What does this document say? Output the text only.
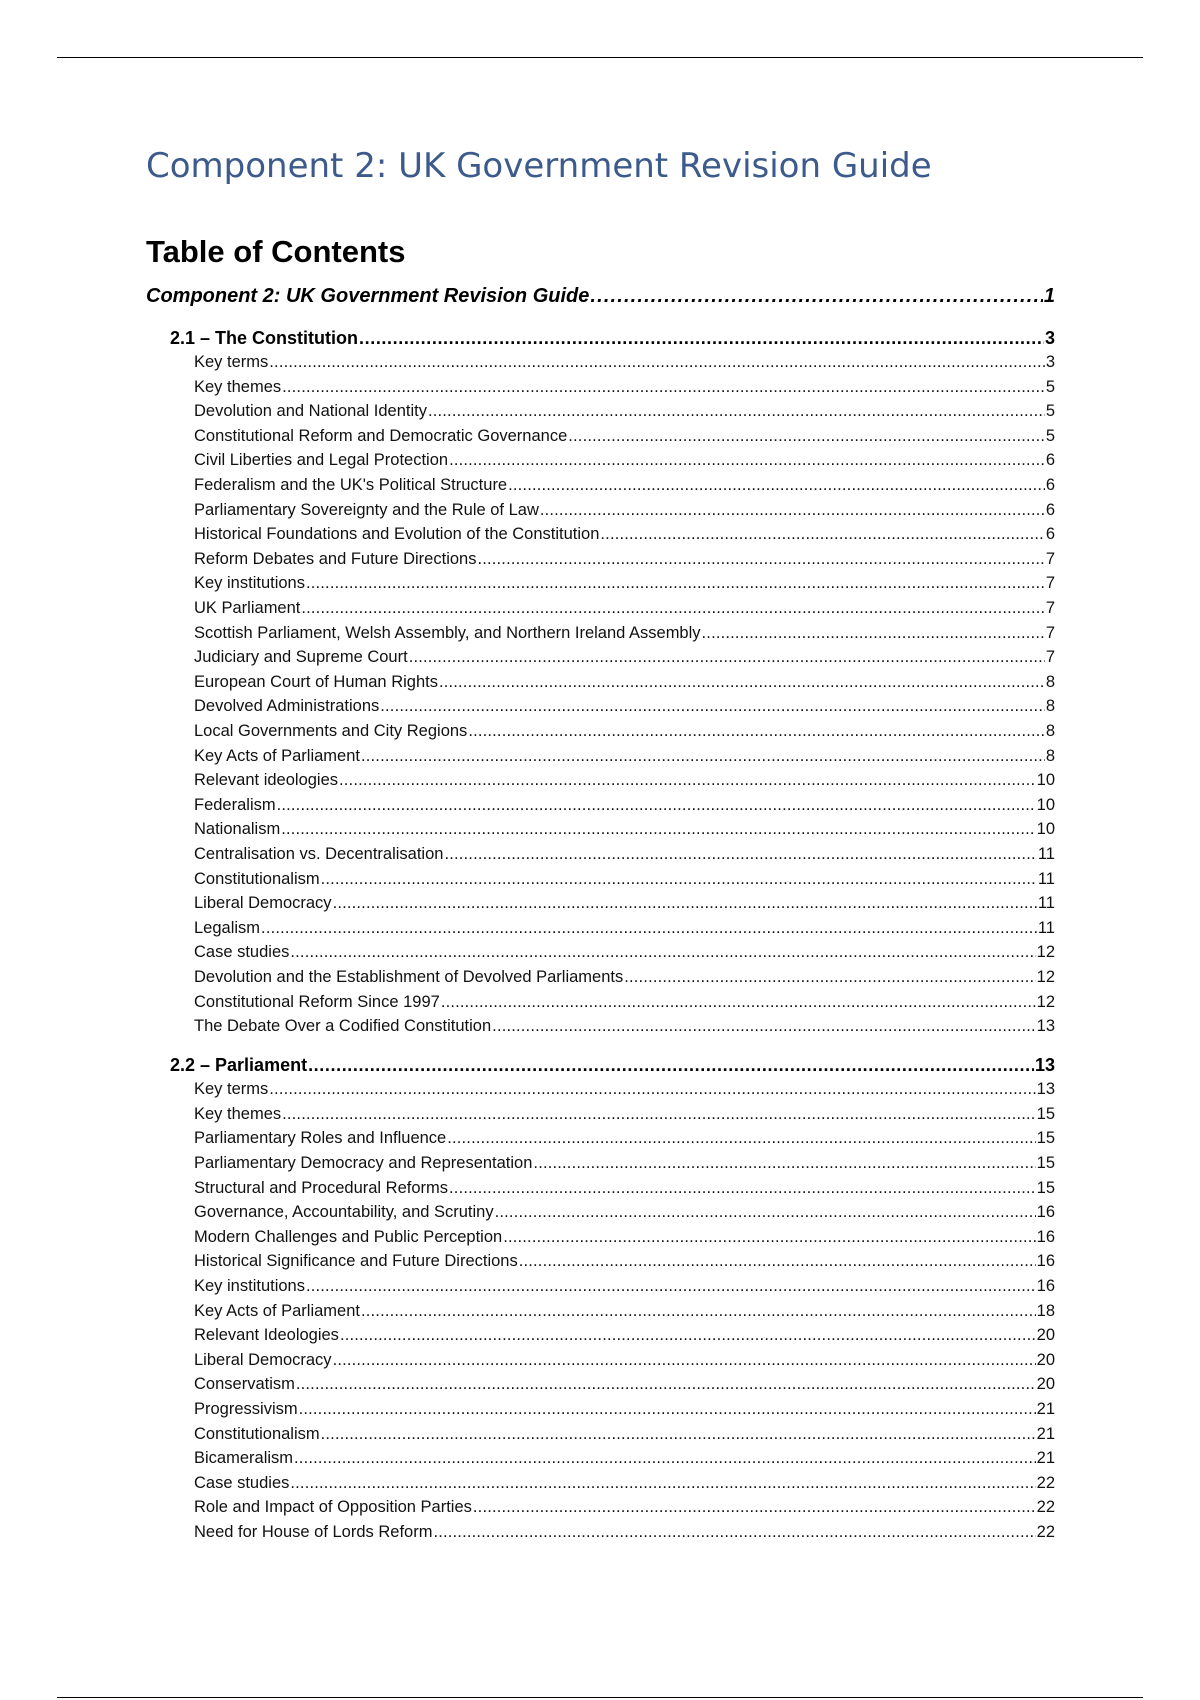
Component 2: UK Government Revision Guide
Table of Contents
Component 2: UK Government Revision Guide . . .	1
2.1 – The Constitution . . .	3
Key terms . . .	3
Key themes . . .	5
Devolution and National Identity . . .	5
Constitutional Reform and Democratic Governance . . .	5
Civil Liberties and Legal Protection . . .	6
Federalism and the UK's Political Structure . . .	6
Parliamentary Sovereignty and the Rule of Law . . .	6
Historical Foundations and Evolution of the Constitution . . .	6
Reform Debates and Future Directions . . .	7
Key institutions . . .	7
UK Parliament . . .	7
Scottish Parliament, Welsh Assembly, and Northern Ireland Assembly . . .	7
Judiciary and Supreme Court . . .	7
European Court of Human Rights . . .	8
Devolved Administrations . . .	8
Local Governments and City Regions . . .	8
Key Acts of Parliament . . .	8
Relevant ideologies . . .	10
Federalism . . .	10
Nationalism . . .	10
Centralisation vs. Decentralisation . . .	11
Constitutionalism . . .	11
Liberal Democracy . . .	11
Legalism . . .	11
Case studies . . .	12
Devolution and the Establishment of Devolved Parliaments . . .	12
Constitutional Reform Since 1997 . . .	12
The Debate Over a Codified Constitution . . .	13
2.2 – Parliament . . .	13
Key terms . . .	13
Key themes . . .	15
Parliamentary Roles and Influence . . .	15
Parliamentary Democracy and Representation . . .	15
Structural and Procedural Reforms . . .	15
Governance, Accountability, and Scrutiny . . .	16
Modern Challenges and Public Perception . . .	16
Historical Significance and Future Directions . . .	16
Key institutions . . .	16
Key Acts of Parliament . . .	18
Relevant Ideologies . . .	20
Liberal Democracy . . .	20
Conservatism . . .	20
Progressivism . . .	21
Constitutionalism . . .	21
Bicameralism . . .	21
Case studies . . .	22
Role and Impact of Opposition Parties . . .	22
Need for House of Lords Reform . . .	22
